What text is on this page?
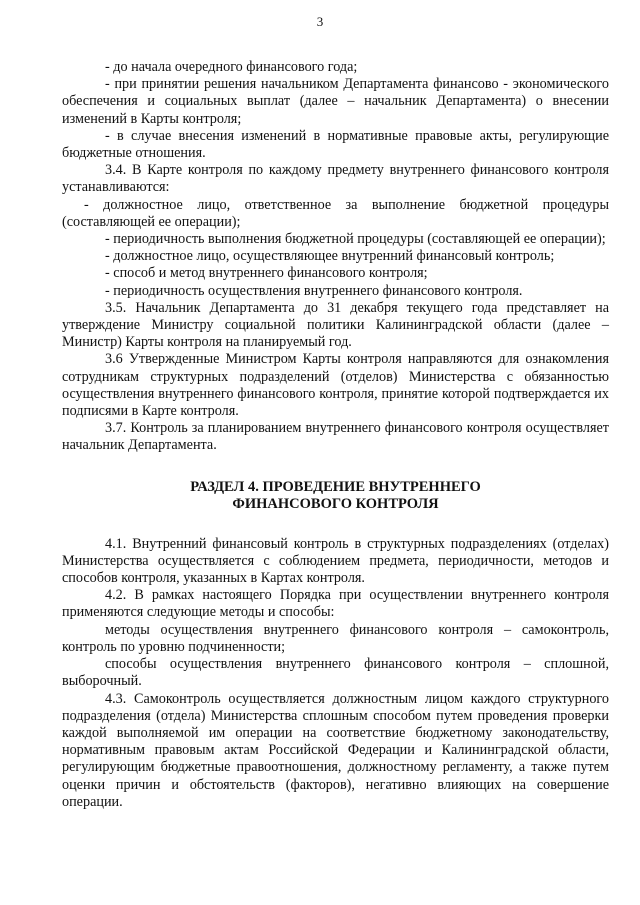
3

- до начала очередного финансового года;

- при принятии решения начальником Департамента финансово - экономического обеспечения и социальных выплат (далее – начальник Департамента) о внесении изменений в Карты контроля;

- в случае внесения изменений в нормативные правовые акты, регулирующие бюджетные отношения.

3.4. В Карте контроля по каждому предмету внутреннего финансового контроля устанавливаются:

- должностное лицо, ответственное за выполнение бюджетной процедуры (составляющей ее операции);

- периодичность выполнения бюджетной процедуры (составляющей ее операции);

- должностное лицо, осуществляющее внутренний финансовый контроль;

- способ и метод внутреннего финансового контроля;

- периодичность осуществления внутреннего финансового контроля.

3.5. Начальник Департамента до 31 декабря текущего года представляет на утверждение Министру социальной политики Калининградской области (далее – Министр) Карты контроля на планируемый год.

3.6 Утвержденные Министром Карты контроля направляются для ознакомления сотрудникам структурных подразделений (отделов) Министерства с обязанностью осуществления внутреннего финансового контроля, принятие которой подтверждается их подписями в Карте контроля.

3.7. Контроль за планированием внутреннего финансового контроля осуществляет начальник Департамента.

РАЗДЕЛ 4. ПРОВЕДЕНИЕ ВНУТРЕННЕГО
ФИНАНСОВОГО КОНТРОЛЯ

4.1. Внутренний финансовый контроль в структурных подразделениях (отделах) Министерства осуществляется с соблюдением предмета, периодичности, методов и способов контроля, указанных в Картах контроля.

4.2. В рамках настоящего Порядка при осуществлении внутреннего контроля применяются следующие методы и способы:

методы осуществления внутреннего финансового контроля – самоконтроль, контроль по уровню подчиненности;

способы осуществления внутреннего финансового контроля – сплошной, выборочный.

4.3. Самоконтроль осуществляется должностным лицом каждого структурного подразделения (отдела) Министерства сплошным способом путем проведения проверки каждой выполняемой им операции на соответствие бюджетному законодательству, нормативным правовым актам Российской Федерации и Калининградской области, регулирующим бюджетные правоотношения, должностному регламенту, а также путем оценки причин и обстоятельств (факторов), негативно влияющих на совершение операции.
